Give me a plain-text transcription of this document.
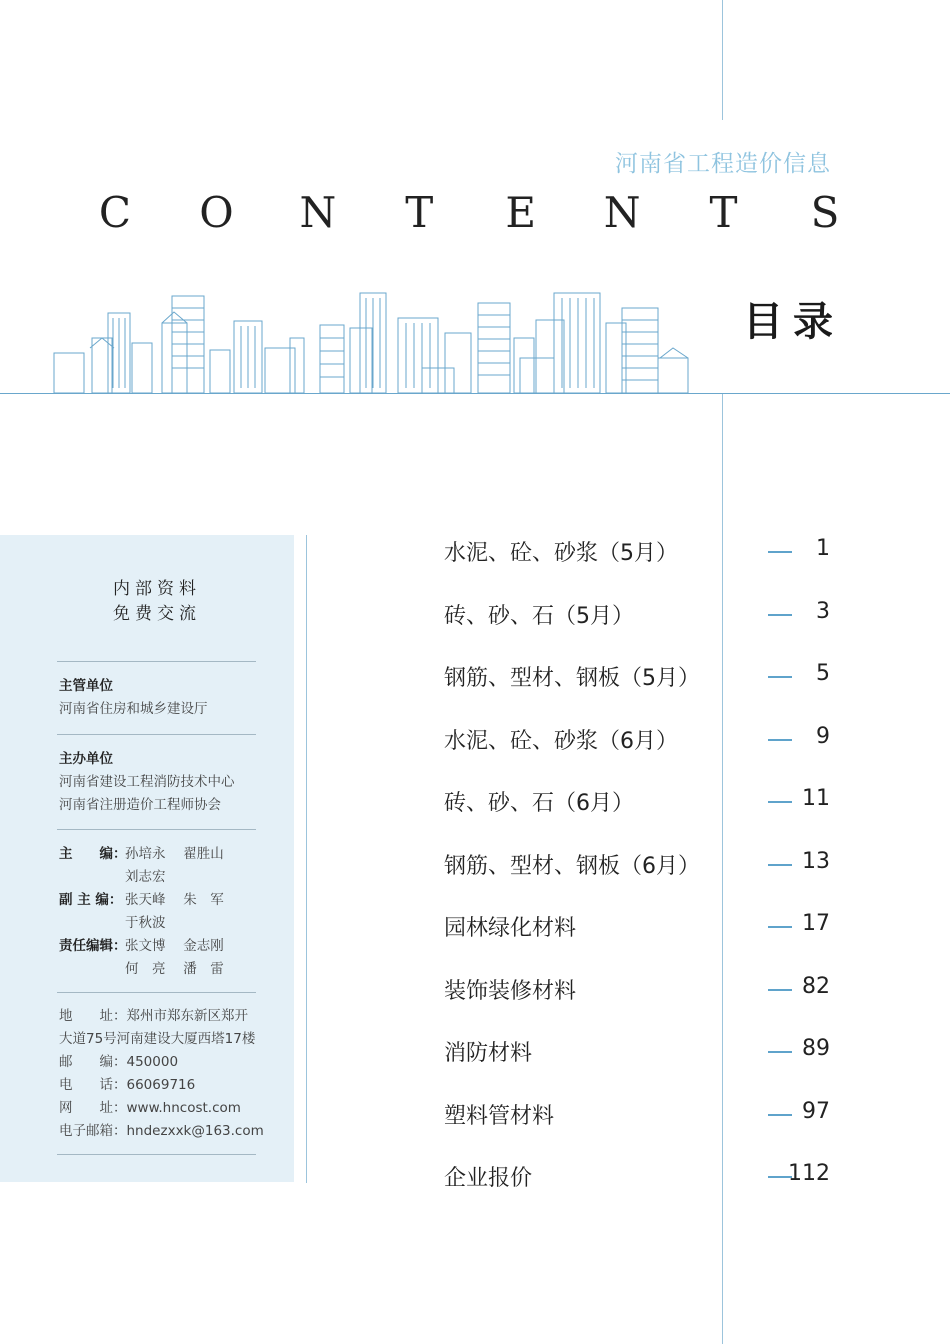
河南省工程造价信息
C O N T E N T S
目录
内部资料
免费交流
主管单位
河南省住房和城乡建设厅
主办单位
河南省建设工程消防技术中心
河南省注册造价工程师协会
主　　编：孙培永　 翟胜山
刘志宏
副 主 编： 张天峰　 朱　军
于秋波
责任编辑：张文博　 金志刚
何　亮　 潘　雷
地　　址：郑州市郑东新区郑开
大道75号河南建设大厦西塔17楼
邮　　编：450000
电　　话：66069716
网　　址：www.hncost.com
电子邮箱：hndezxxk@163.com
水泥、砼、砂浆（5月）	1
砖、砂、石（5月）	3
钢筋、型材、钢板（5月）	5
水泥、砼、砂浆（6月）	9
砖、砂、石（6月）	11
钢筋、型材、钢板（6月）	13
园林绿化材料	17
装饰装修材料	82
消防材料	89
塑料管材料	97
企业报价	112
